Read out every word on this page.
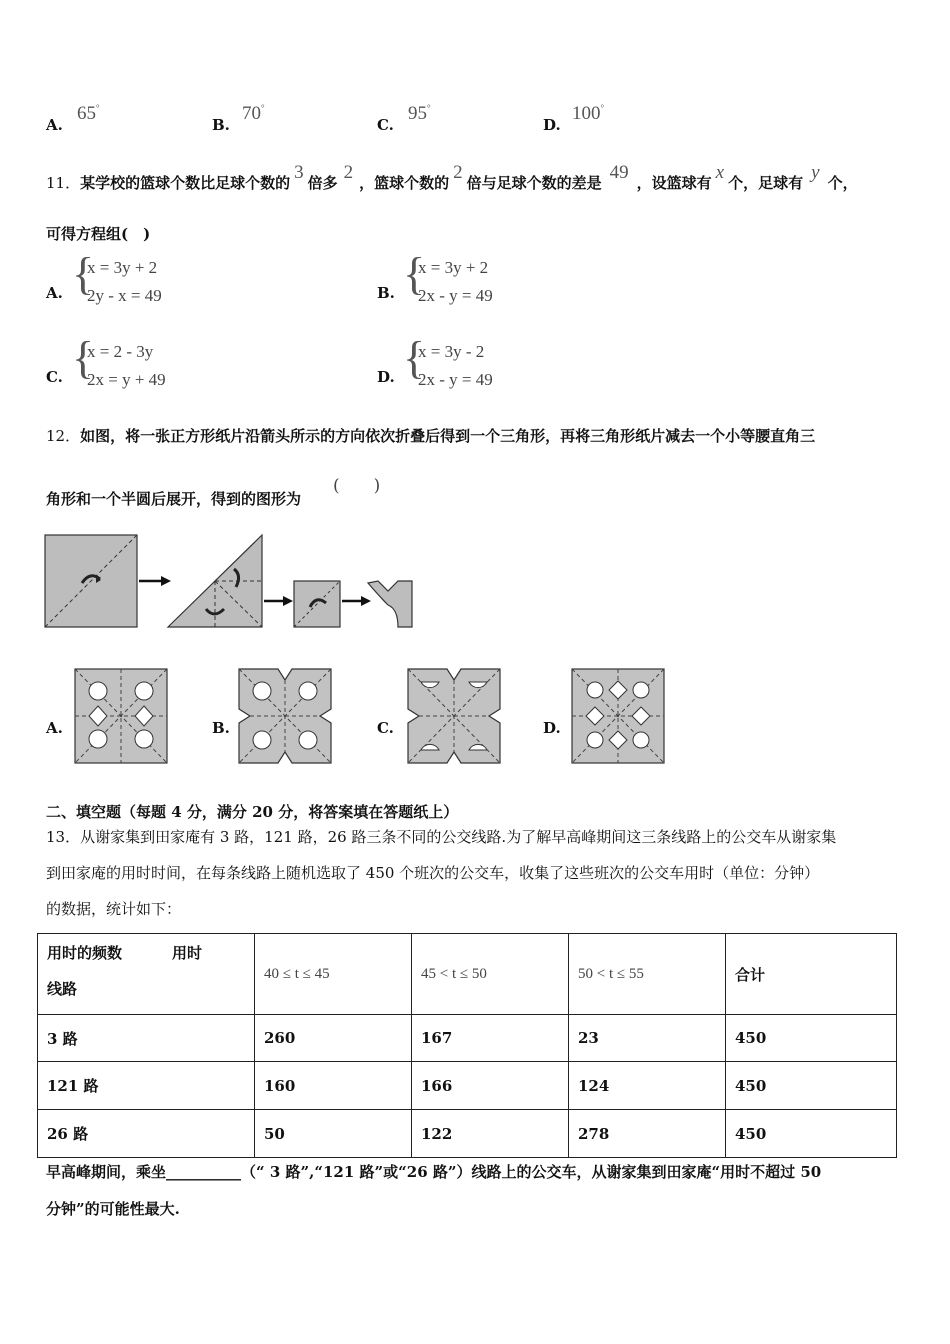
A.
65°
B.
70°
C.
95°
D.
100°
11．某学校的篮球个数比足球个数的 3 倍多 2 ，篮球个数的 2 倍与足球个数的差是 49 ，设篮球有 x 个，足球有 y 个，
可得方程组(　)
A. {
x = 3y + 2
2y - x = 49	B. {
x = 3y + 2
2x - y = 49
C. {
x = 2 - 3y
2x = y + 49	D. {
x = 3y - 2
2x - y = 49
12．如图，将一张正方形纸片沿箭头所示的方向依次折叠后得到一个三角形，再将三角形纸片减去一个小等腰直角三
角形和一个半圆后展开，得到的图形为
(　　)
A.	B.	C.	D.
二、填空题（每题 4 分，满分 20 分，将答案填在答题纸上）
13．从谢家集到田家庵有 3 路，121 路，26 路三条不同的公交线路.为了解早高峰期间这三条线路上的公交车从谢家集
到田家庵的用时时间，在每条线路上随机选取了 450 个班次的公交车，收集了这些班次的公交车用时（单位：分钟）
的数据，统计如下：
用时的频数 用时
线路	40 ≤ t ≤ 45	45 < t ≤ 50	50 < t ≤ 55	合计
3 路	260	167	23	450
121 路	160	166	124	450
26 路	50	122	278	450
早高峰期间，乘坐__________（“ 3 路”,“121 路”或“26 路”）线路上的公交车，从谢家集到田家庵“用时不超过 50
分钟”的可能性最大.
